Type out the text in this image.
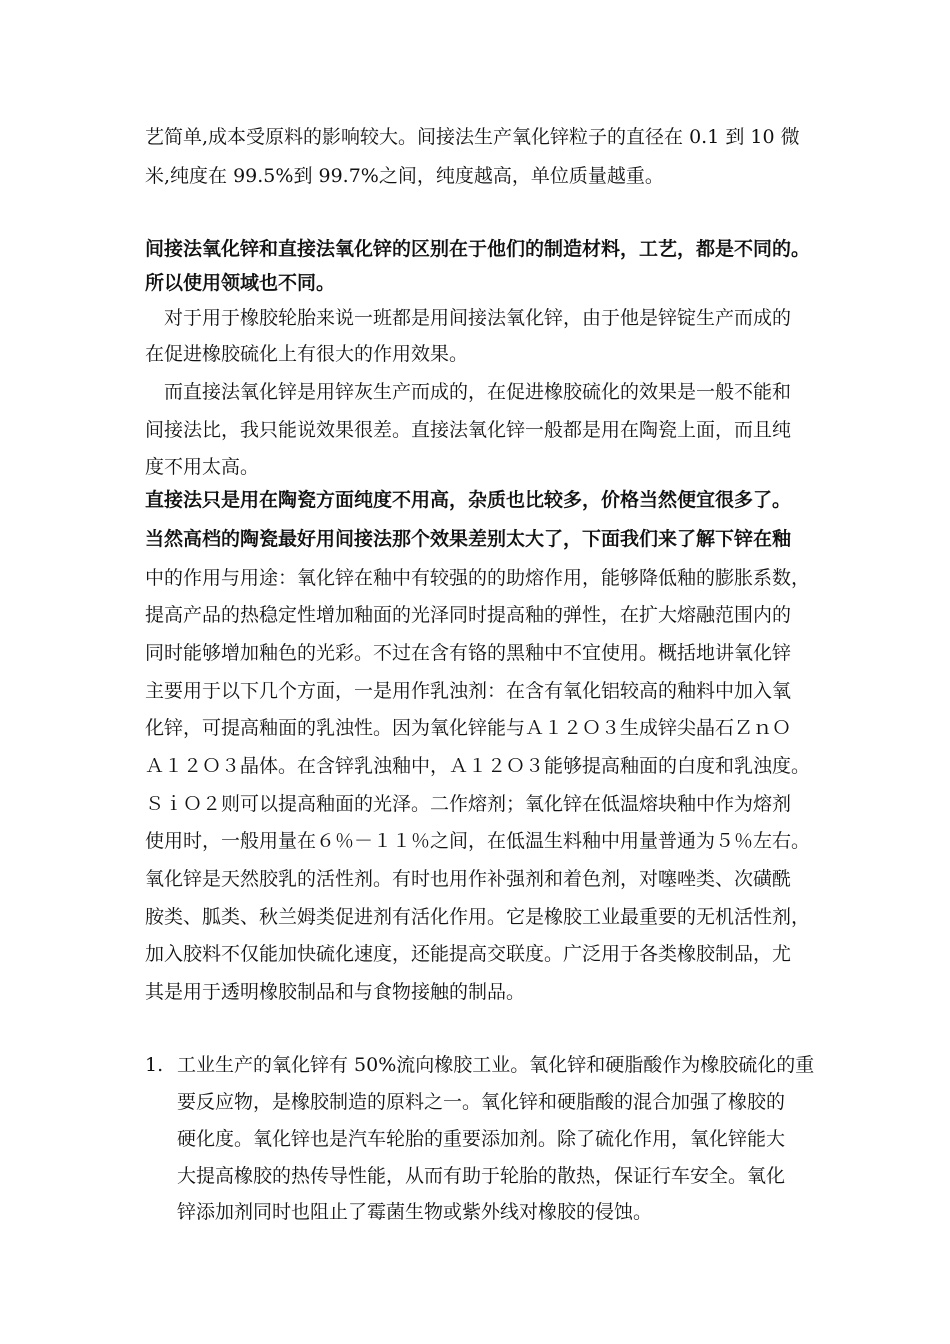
艺简单,成本受原料的影响较大。间接法生产氧化锌粒子的直径在 0.1 到 10 微
米,纯度在 99.5%到 99.7%之间，纯度越高，单位质量越重。
间接法氧化锌和直接法氧化锌的区别在于他们的制造材料，工艺，都是不同的。
所以使用领域也不同。
　对于用于橡胶轮胎来说一班都是用间接法氧化锌，由于他是锌锭生产而成的
在促进橡胶硫化上有很大的作用效果。
　而直接法氧化锌是用锌灰生产而成的，在促进橡胶硫化的效果是一般不能和
间接法比，我只能说效果很差。直接法氧化锌一般都是用在陶瓷上面，而且纯
度不用太高。
直接法只是用在陶瓷方面纯度不用高，杂质也比较多，价格当然便宜很多了。
当然高档的陶瓷最好用间接法那个效果差别太大了，下面我们来了解下锌在釉
中的作用与用途：氧化锌在釉中有较强的的助熔作用，能够降低釉的膨胀系数，
提高产品的热稳定性增加釉面的光泽同时提高釉的弹性，在扩大熔融范围内的
同时能够增加釉色的光彩。不过在含有铬的黑釉中不宜使用。概括地讲氧化锌
主要用于以下几个方面，一是用作乳浊剂：在含有氧化铝较高的釉料中加入氧
化锌，可提高釉面的乳浊性。因为氧化锌能与Ａ１２Ｏ３生成锌尖晶石ＺｎＯ
Ａ１２Ｏ３晶体。在含锌乳浊釉中，Ａ１２Ｏ３能够提高釉面的白度和乳浊度。
ＳｉＯ２则可以提高釉面的光泽。二作熔剂；氧化锌在低温熔块釉中作为熔剂
使用时，一般用量在６％－１１％之间，在低温生料釉中用量普通为５％左右。
氧化锌是天然胶乳的活性剂。有时也用作补强剂和着色剂，对噻唑类、次磺酰
胺类、胍类、秋兰姆类促进剂有活化作用。它是橡胶工业最重要的无机活性剂，
加入胶料不仅能加快硫化速度，还能提高交联度。广泛用于各类橡胶制品，尤
其是用于透明橡胶制品和与食物接触的制品。
1. 工业生产的氧化锌有 50%流向橡胶工业。氧化锌和硬脂酸作为橡胶硫化的重
要反应物，是橡胶制造的原料之一。氧化锌和硬脂酸的混合加强了橡胶的
硬化度。氧化锌也是汽车轮胎的重要添加剂。除了硫化作用，氧化锌能大
大提高橡胶的热传导性能，从而有助于轮胎的散热，保证行车安全。氧化
锌添加剂同时也阻止了霉菌生物或紫外线对橡胶的侵蚀。
